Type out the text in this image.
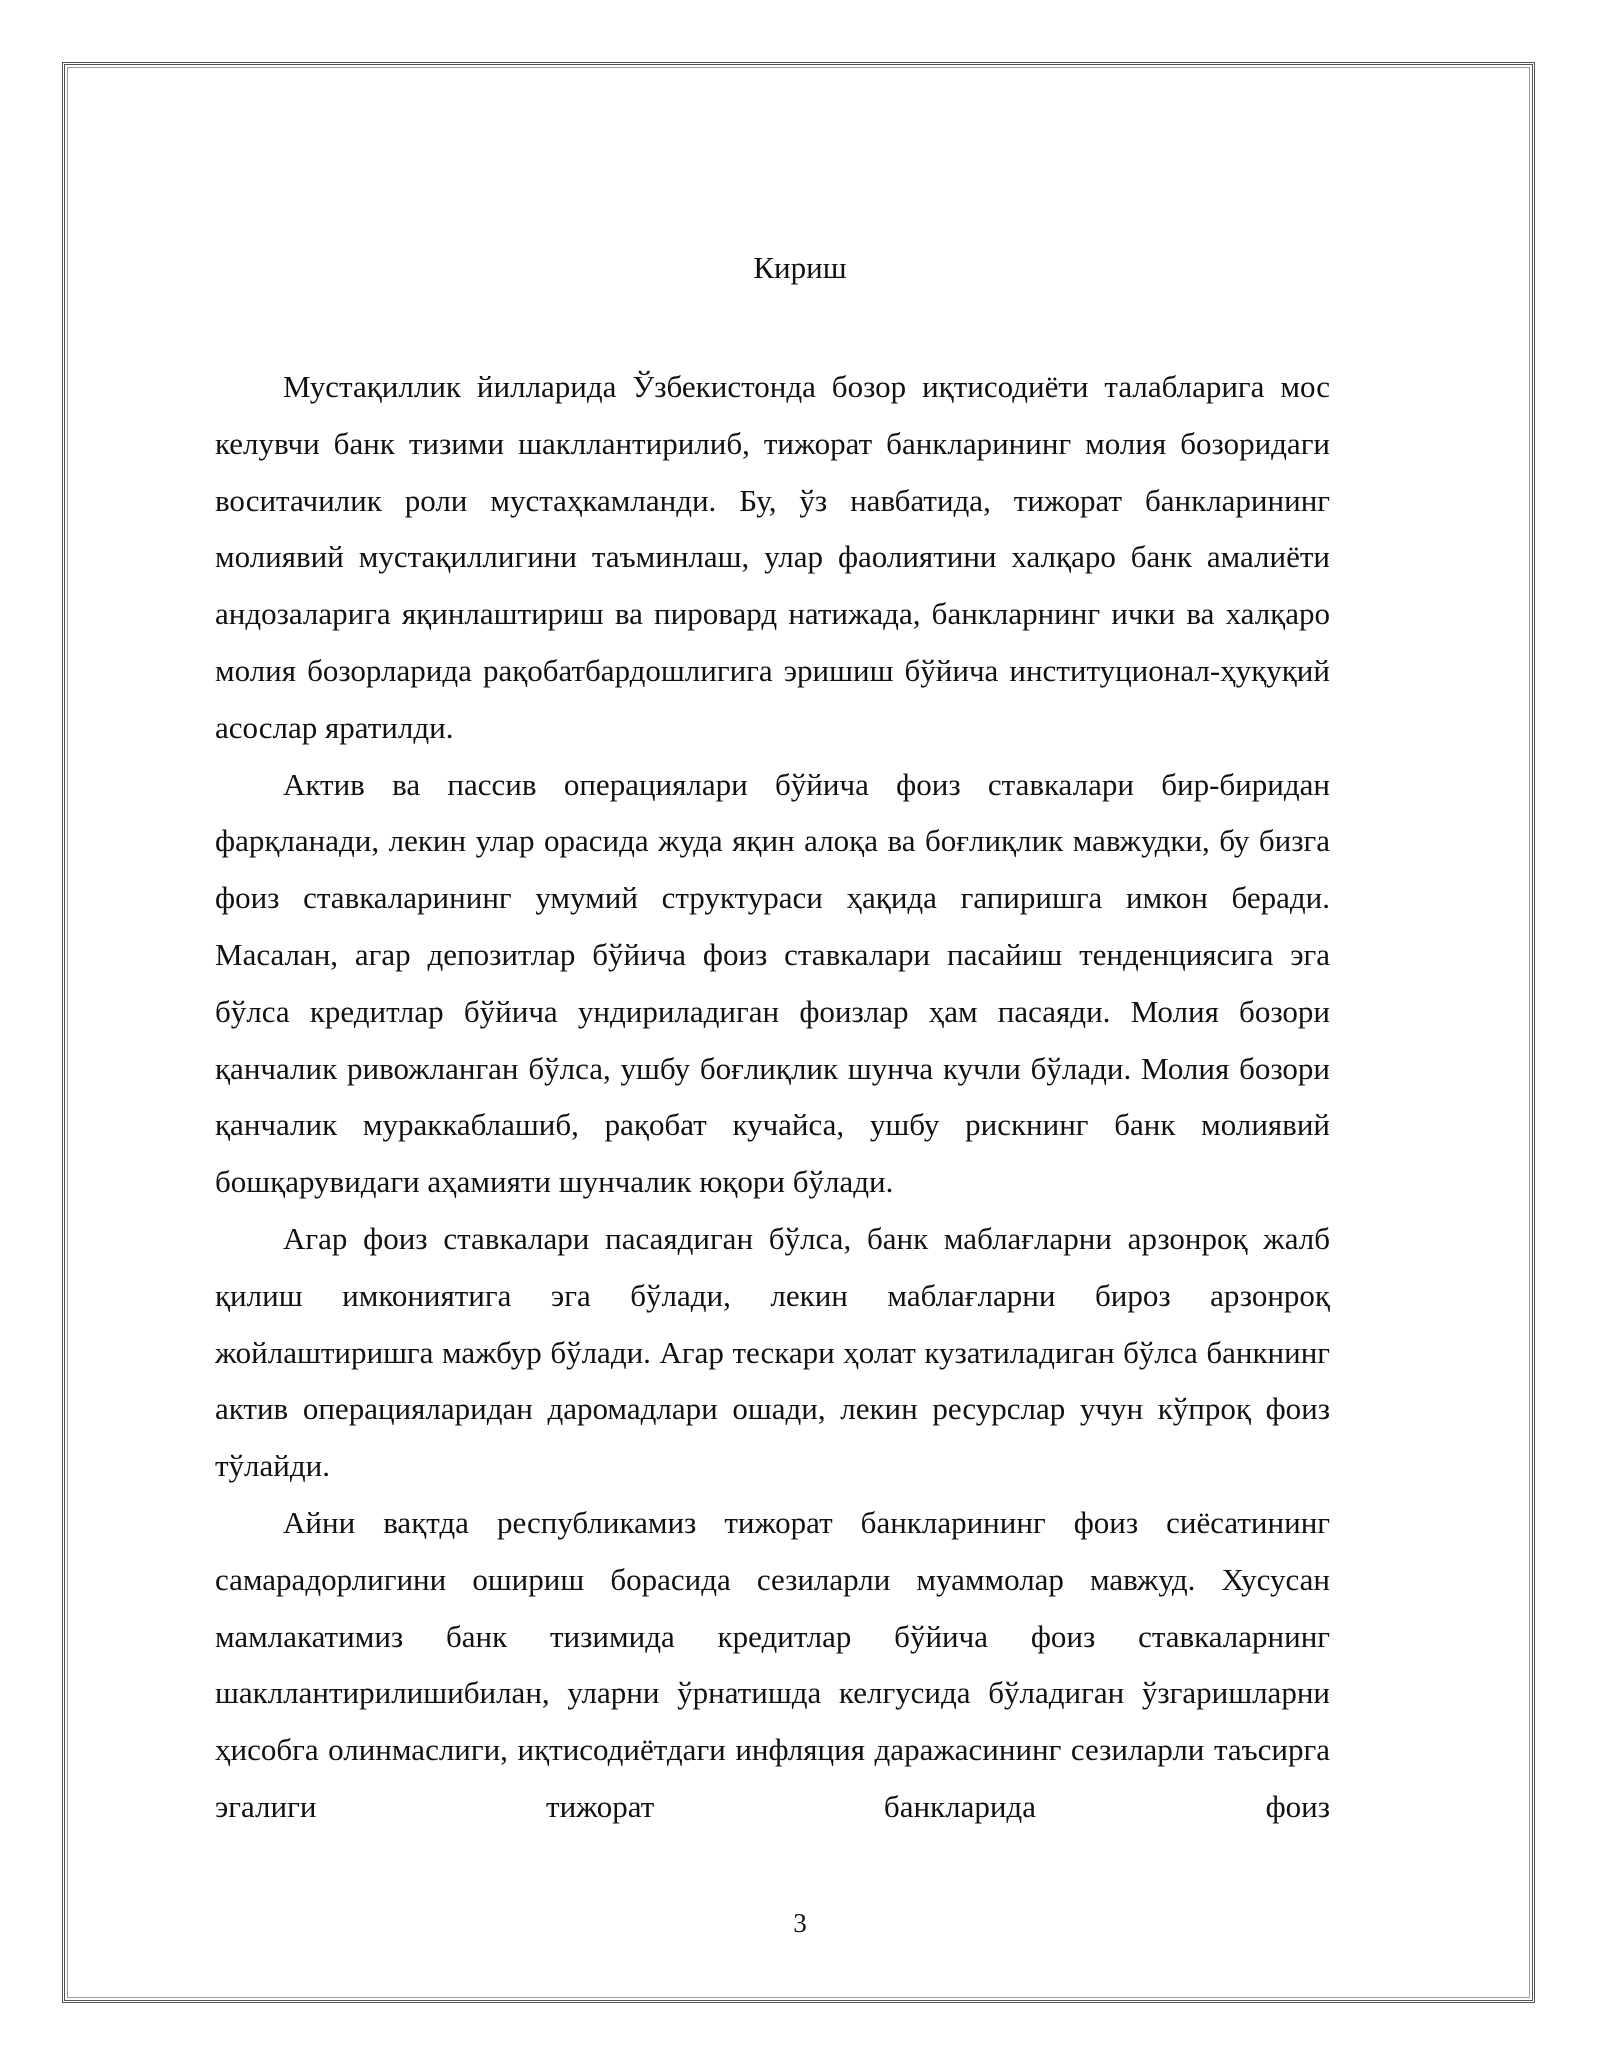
Кириш

Мустақиллик йилларида Ўзбекистонда бозор иқтисодиёти талабларига мос келувчи банк тизими шакллантирилиб, тижорат банкларининг молия бозоридаги воситачилик роли мустаҳкамланди. Бу, ўз навбатида, тижорат банкларининг молиявий мустақиллигини таъминлаш, улар фаолиятини халқаро банк амалиёти андозаларига яқинлаштириш ва пировард натижада, банкларнинг ички ва халқаро молия бозорларида рақобатбардошлигига эришиш бўйича институционал-ҳуқуқий асослар яратилди.

Актив ва пассив операциялари бўйича фоиз ставкалари бир-биридан фарқланади, лекин улар орасида жуда яқин алоқа ва боғлиқлик мавжудки, бу бизга фоиз ставкаларининг умумий структураси ҳақида гапиришга имкон беради. Масалан, агар депозитлар бўйича фоиз ставкалари пасайиш тенденциясига эга бўлса кредитлар бўйича ундириладиган фоизлар ҳам пасаяди. Молия бозори қанчалик ривожланган бўлса, ушбу боғлиқлик шунча кучли бўлади. Молия бозори қанчалик мураккаблашиб, рақобат кучайса, ушбу рискнинг банк молиявий бошқарувидаги аҳамияти шунчалик юқори бўлади.

Агар фоиз ставкалари пасаядиган бўлса, банк маблағларни арзонроқ жалб қилиш имкониятига эга бўлади, лекин маблағларни бироз арзонроқ жойлаштиришга мажбур бўлади. Агар тескари ҳолат кузатиладиган бўлса банкнинг актив операцияларидан даромадлари ошади, лекин ресурслар учун кўпроқ фоиз тўлайди.

Айни вақтда республикамиз тижорат банкларининг фоиз сиёсатининг самарадорлигини ошириш борасида сезиларли муаммолар мавжуд. Хусусан мамлакатимиз банк тизимида кредитлар бўйича фоиз ставкаларнинг шакллантирилишибилан, уларни ўрнатишда келгусида бўладиган ўзгаришларни ҳисобга олинмаслиги, иқтисодиётдаги инфляция даражасининг сезиларли таъсирга эгалиги тижорат банкларида фоиз

3
